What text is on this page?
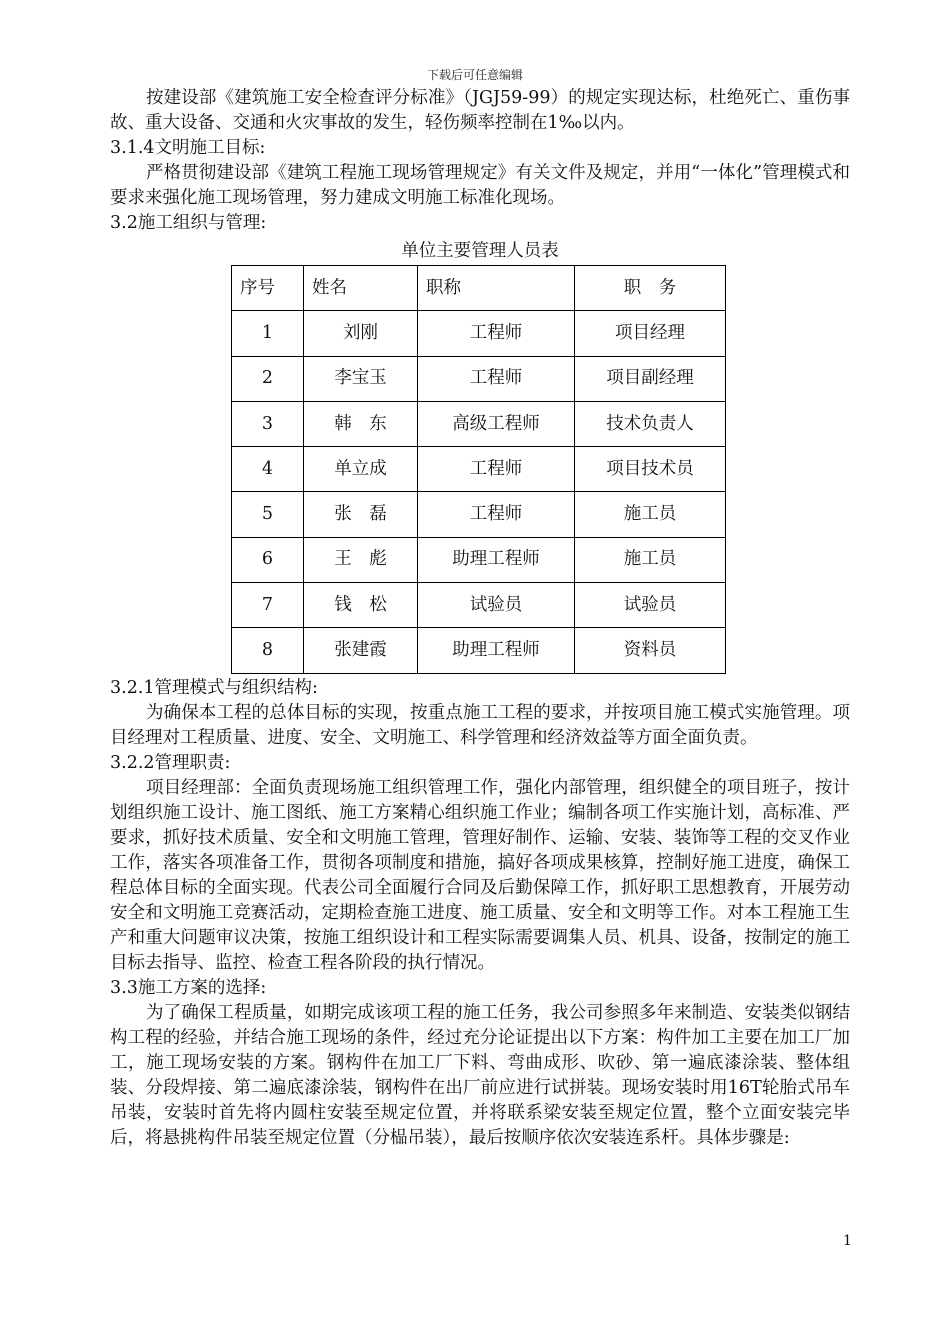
下载后可任意编辑

按建设部《建筑施工安全检查评分标准》（JGJ59-99）的规定实现达标，杜绝死亡、重伤事故、重大设备、交通和火灾事故的发生，轻伤频率控制在1‰以内。

3.1.4文明施工目标:

严格贯彻建设部《建筑工程施工现场管理规定》有关文件及规定，并用“一体化”管理模式和要求来强化施工现场管理，努力建成文明施工标准化现场。

3.2施工组织与管理:

单位主要管理人员表

序号	姓名	职称	职　务
1	刘刚	工程师	项目经理
2	李宝玉	工程师	项目副经理
3	韩　东	高级工程师	技术负责人
4	单立成	工程师	项目技术员
5	张　磊	工程师	施工员
6	王　彪	助理工程师	施工员
7	钱　松	试验员	试验员
8	张建霞	助理工程师	资料员

3.2.1管理模式与组织结构:

为确保本工程的总体目标的实现，按重点施工工程的要求，并按项目施工模式实施管理。项目经理对工程质量、进度、安全、文明施工、科学管理和经济效益等方面全面负责。

3.2.2管理职责:

项目经理部：全面负责现场施工组织管理工作，强化内部管理，组织健全的项目班子，按计划组织施工设计、施工图纸、施工方案精心组织施工作业；编制各项工作实施计划，高标准、严要求，抓好技术质量、安全和文明施工管理，管理好制作、运输、安装、装饰等工程的交叉作业工作，落实各项准备工作，贯彻各项制度和措施，搞好各项成果核算，控制好施工进度，确保工程总体目标的全面实现。代表公司全面履行合同及后勤保障工作，抓好职工思想教育，开展劳动安全和文明施工竞赛活动，定期检查施工进度、施工质量、安全和文明等工作。对本工程施工生产和重大问题审议决策，按施工组织设计和工程实际需要调集人员、机具、设备，按制定的施工目标去指导、监控、检查工程各阶段的执行情况。

3.3施工方案的选择:

为了确保工程质量，如期完成该项工程的施工任务，我公司参照多年来制造、安装类似钢结构工程的经验，并结合施工现场的条件，经过充分论证提出以下方案：构件加工主要在加工厂加工，施工现场安装的方案。钢构件在加工厂下料、弯曲成形、吹砂、第一遍底漆涂装、整体组装、分段焊接、第二遍底漆涂装，钢构件在出厂前应进行试拼装。现场安装时用16T轮胎式吊车吊装，安装时首先将内圆柱安装至规定位置，并将联系梁安装至规定位置，整个立面安装完毕后，将悬挑构件吊装至规定位置（分榀吊装），最后按顺序依次安装连系杆。具体步骤是:

1
